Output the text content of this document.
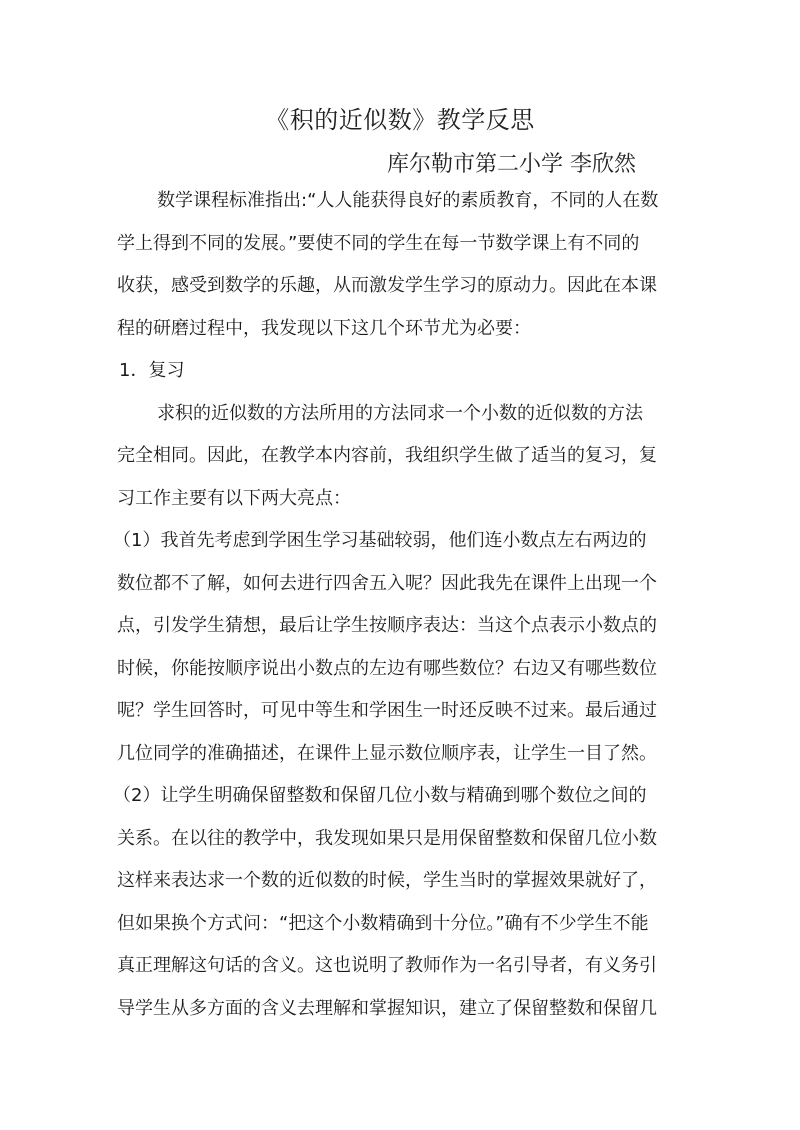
《积的近似数》教学反思
库尔勒市第二小学 李欣然
数学课程标准指出:“人人能获得良好的素质教育，不同的人在数
学上得到不同的发展。”要使不同的学生在每一节数学课上有不同的
收获，感受到数学的乐趣，从而激发学生学习的原动力。因此在本课
程的研磨过程中，我发现以下这几个环节尤为必要：
1．复习
求积的近似数的方法所用的方法同求一个小数的近似数的方法
完全相同。因此，在教学本内容前，我组织学生做了适当的复习，复
习工作主要有以下两大亮点：
（1）我首先考虑到学困生学习基础较弱，他们连小数点左右两边的
数位都不了解，如何去进行四舍五入呢？因此我先在课件上出现一个
点，引发学生猜想，最后让学生按顺序表达：当这个点表示小数点的
时候，你能按顺序说出小数点的左边有哪些数位？右边又有哪些数位
呢？学生回答时，可见中等生和学困生一时还反映不过来。最后通过
几位同学的准确描述，在课件上显示数位顺序表，让学生一目了然。
（2）让学生明确保留整数和保留几位小数与精确到哪个数位之间的
关系。在以往的教学中，我发现如果只是用保留整数和保留几位小数
这样来表达求一个数的近似数的时候，学生当时的掌握效果就好了，
但如果换个方式问：“把这个小数精确到十分位。”确有不少学生不能
真正理解这句话的含义。这也说明了教师作为一名引导者，有义务引
导学生从多方面的含义去理解和掌握知识，建立了保留整数和保留几
